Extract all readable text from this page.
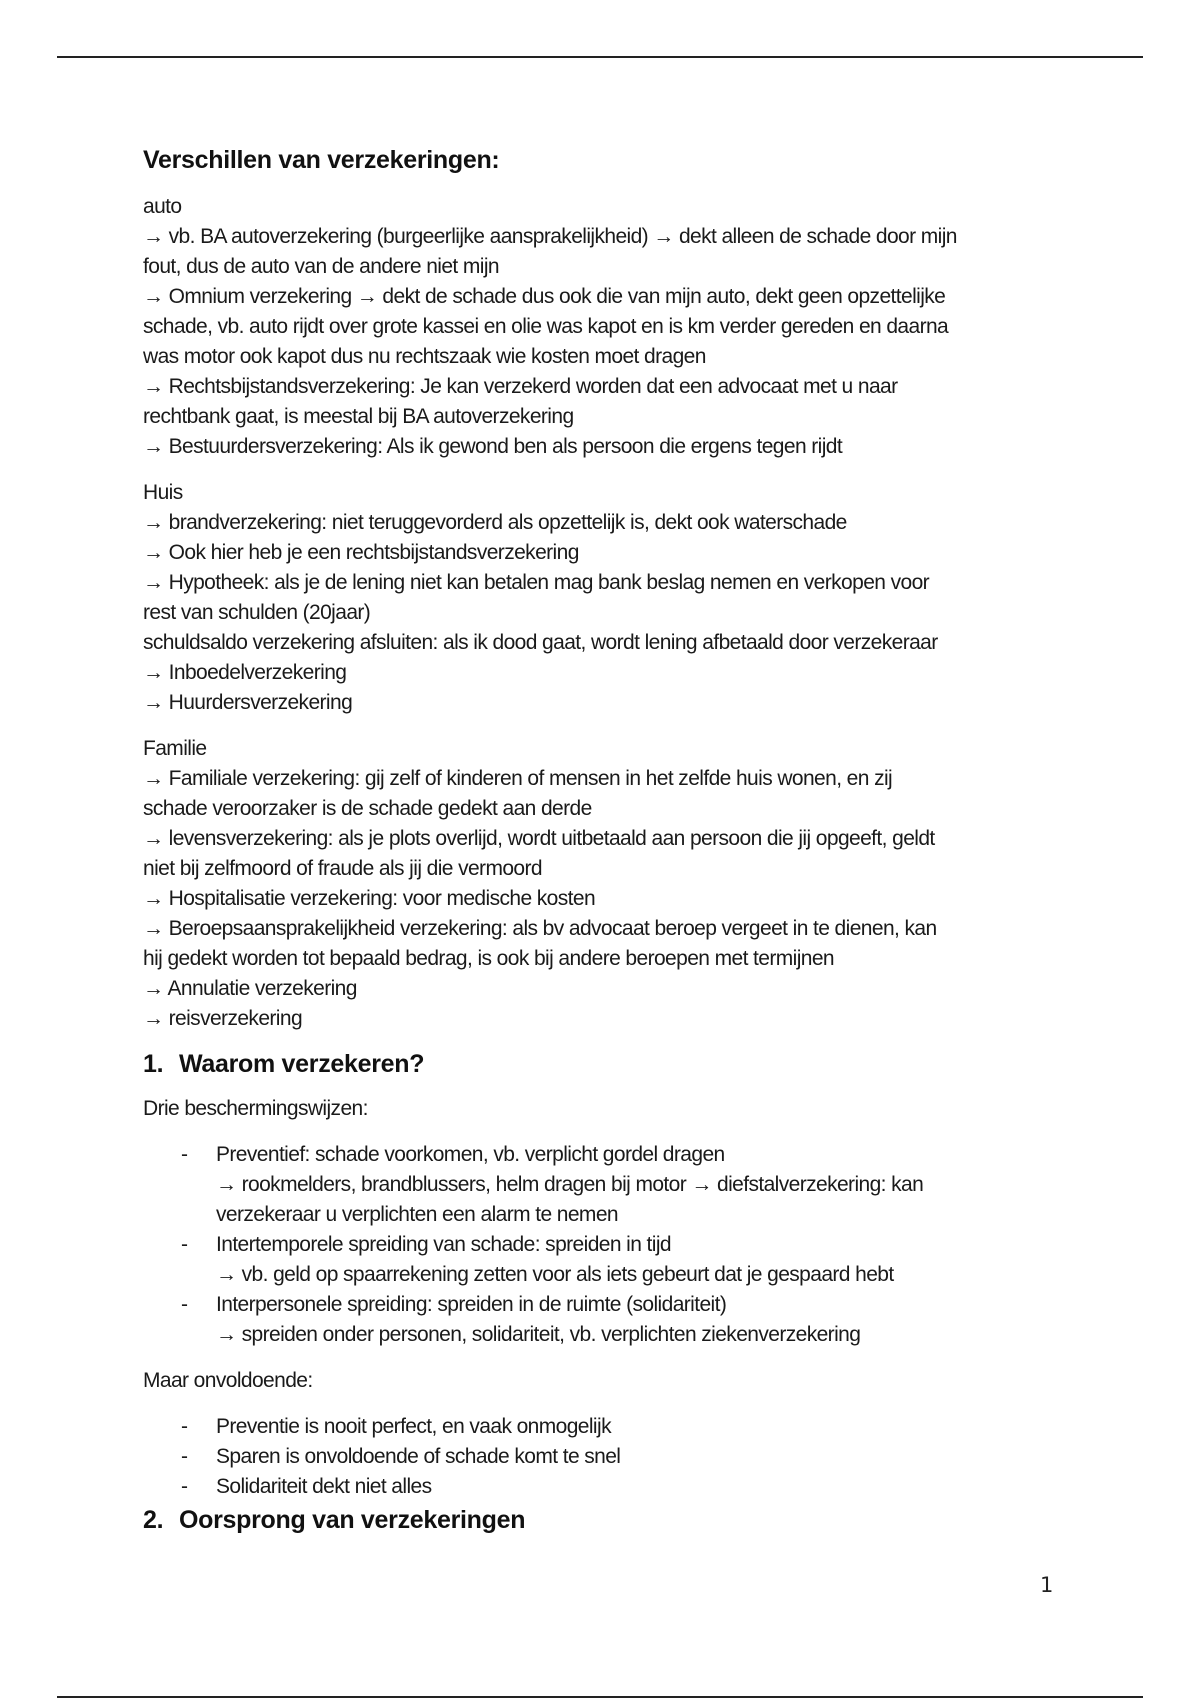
Verschillen van verzekeringen:
auto
→ vb. BA autoverzekering (burgeerlijke aansprakelijkheid) → dekt alleen de schade door mijn
fout, dus de auto van de andere niet mijn
→ Omnium verzekering → dekt de schade dus ook die van mijn auto, dekt geen opzettelijke
schade, vb. auto rijdt over grote kassei en olie was kapot en is km verder gereden en daarna
was motor ook kapot dus nu rechtszaak wie kosten moet dragen
→ Rechtsbijstandsverzekering: Je kan verzekerd worden dat een advocaat met u naar
rechtbank gaat, is meestal bij BA autoverzekering
→ Bestuurdersverzekering: Als ik gewond ben als persoon die ergens tegen rijdt
Huis
→ brandverzekering: niet teruggevorderd als opzettelijk is, dekt ook waterschade
→ Ook hier heb je een rechtsbijstandsverzekering
→ Hypotheek: als je de lening niet kan betalen mag bank beslag nemen en verkopen voor
rest van schulden (20jaar)
schuldsaldo verzekering afsluiten: als ik dood gaat, wordt lening afbetaald door verzekeraar
→ Inboedelverzekering
→ Huurdersverzekering
Familie
→ Familiale verzekering: gij zelf of kinderen of mensen in het zelfde huis wonen, en zij
schade veroorzaker is de schade gedekt aan derde
→ levensverzekering: als je plots overlijd, wordt uitbetaald aan persoon die jij opgeeft, geldt
niet bij zelfmoord of fraude als jij die vermoord
→ Hospitalisatie verzekering: voor medische kosten
→ Beroepsaansprakelijkheid verzekering: als bv advocaat beroep vergeet in te dienen, kan
hij gedekt worden tot bepaald bedrag, is ook bij andere beroepen met termijnen
→ Annulatie verzekering
→ reisverzekering
1. Waarom verzekeren?
Drie beschermingswijzen:
- Preventief: schade voorkomen, vb. verplicht gordel dragen
→ rookmelders, brandblussers, helm dragen bij motor → diefstalverzekering: kan
verzekeraar u verplichten een alarm te nemen
- Intertemporele spreiding van schade: spreiden in tijd
→ vb. geld op spaarrekening zetten voor als iets gebeurt dat je gespaard hebt
- Interpersonele spreiding: spreiden in de ruimte (solidariteit)
→ spreiden onder personen, solidariteit, vb. verplichten ziekenverzekering
Maar onvoldoende:
- Preventie is nooit perfect, en vaak onmogelijk
- Sparen is onvoldoende of schade komt te snel
- Solidariteit dekt niet alles
2. Oorsprong van verzekeringen
1
